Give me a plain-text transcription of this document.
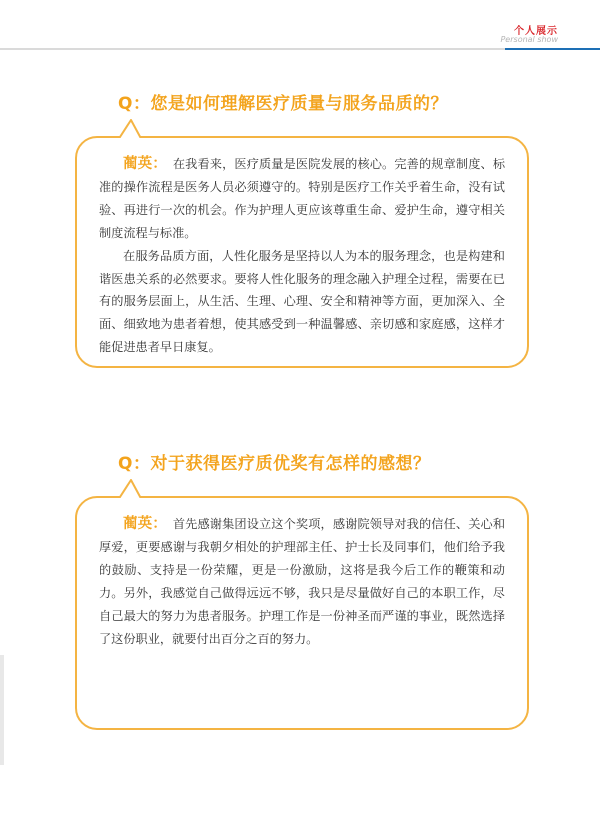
个人展示
Personal show
Q：您是如何理解医疗质量与服务品质的？

蔺英： 在我看来，医疗质量是医院发展的核心。完善的规章制度、标准的操作流程是医务人员必须遵守的。特别是医疗工作关乎着生命，没有试验、再进行一次的机会。作为护理人更应该尊重生命、爱护生命，遵守相关制度流程与标准。

在服务品质方面，人性化服务是坚持以人为本的服务理念，也是构建和谐医患关系的必然要求。要将人性化服务的理念融入护理全过程，需要在已有的服务层面上，从生活、生理、心理、安全和精神等方面，更加深入、全面、细致地为患者着想，使其感受到一种温馨感、亲切感和家庭感，这样才能促进患者早日康复。

Q：对于获得医疗质优奖有怎样的感想？

蔺英： 首先感谢集团设立这个奖项，感谢院领导对我的信任、关心和厚爱，更要感谢与我朝夕相处的护理部主任、护士长及同事们，他们给予我的鼓励、支持是一份荣耀，更是一份激励，这将是我今后工作的鞭策和动力。另外，我感觉自己做得远远不够，我只是尽量做好自己的本职工作，尽自己最大的努力为患者服务。护理工作是一份神圣而严谨的事业，既然选择了这份职业，就要付出百分之百的努力。
